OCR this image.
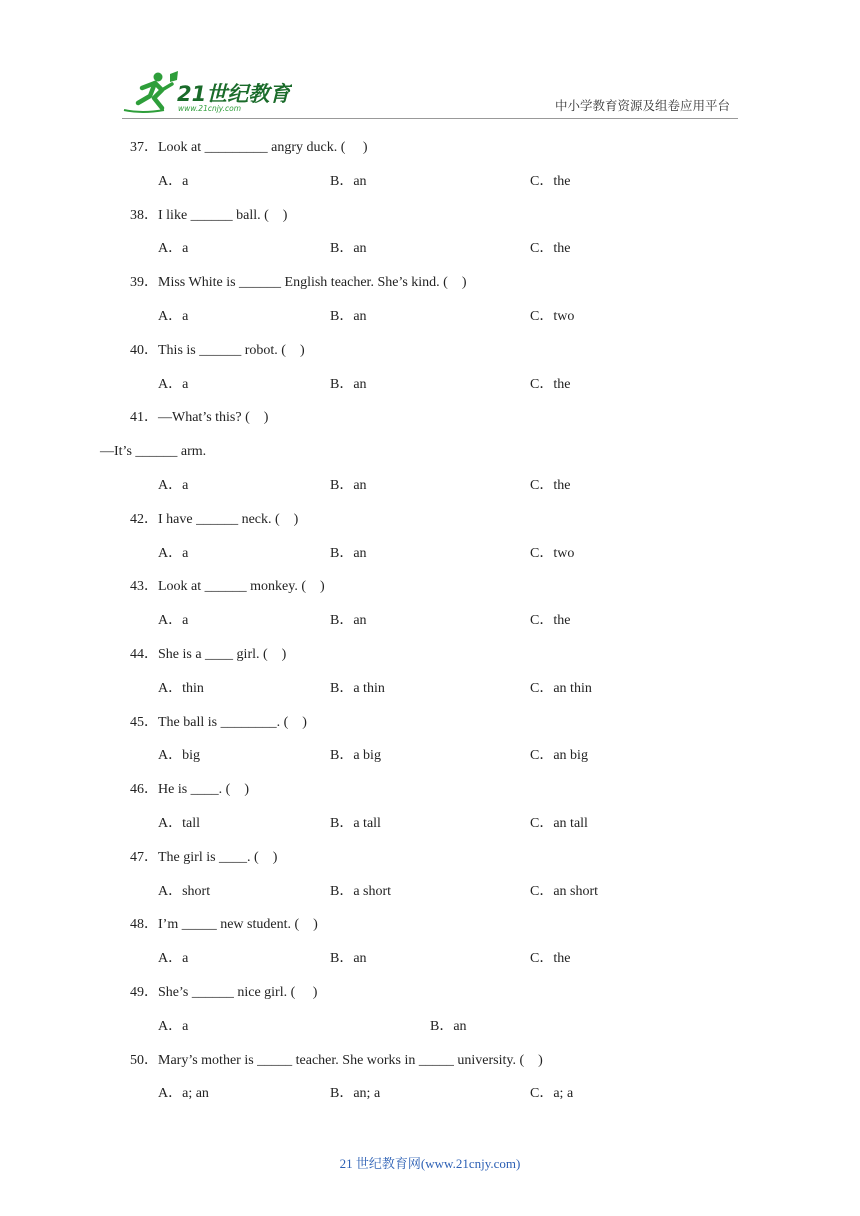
21世纪教育
www.21cnjy.com	中小学教育资源及组卷应用平台
37．Look at _________ angry duck. (     )
A．a	B．an	C．the
38．I like ______ ball. (    )
A．a	B．an	C．the
39．Miss White is ______ English teacher. She’s kind. (    )
A．a	B．an	C．two
40．This is ______ robot. (    )
A．a	B．an	C．the
41．—What’s this? (    )
—It’s ______ arm.
A．a	B．an	C．the
42．I have ______ neck. (    )
A．a	B．an	C．two
43．Look at ______ monkey. (    )
A．a	B．an	C．the
44．She is a ____ girl. (    )
A．thin	B．a thin	C．an thin
45．The ball is ________. (    )
A．big	B．a big	C．an big
46．He is ____. (    )
A．tall	B．a tall	C．an tall
47．The girl is ____. (    )
A．short	B．a short	C．an short
48．I’m _____ new student. (    )
A．a	B．an	C．the
49．She’s ______ nice girl. (     )
A．a	B．an
50．Mary’s mother is _____ teacher. She works in _____ university. (    )
A．a; an	B．an; a	C．a; a
21 世纪教育网(www.21cnjy.com)
